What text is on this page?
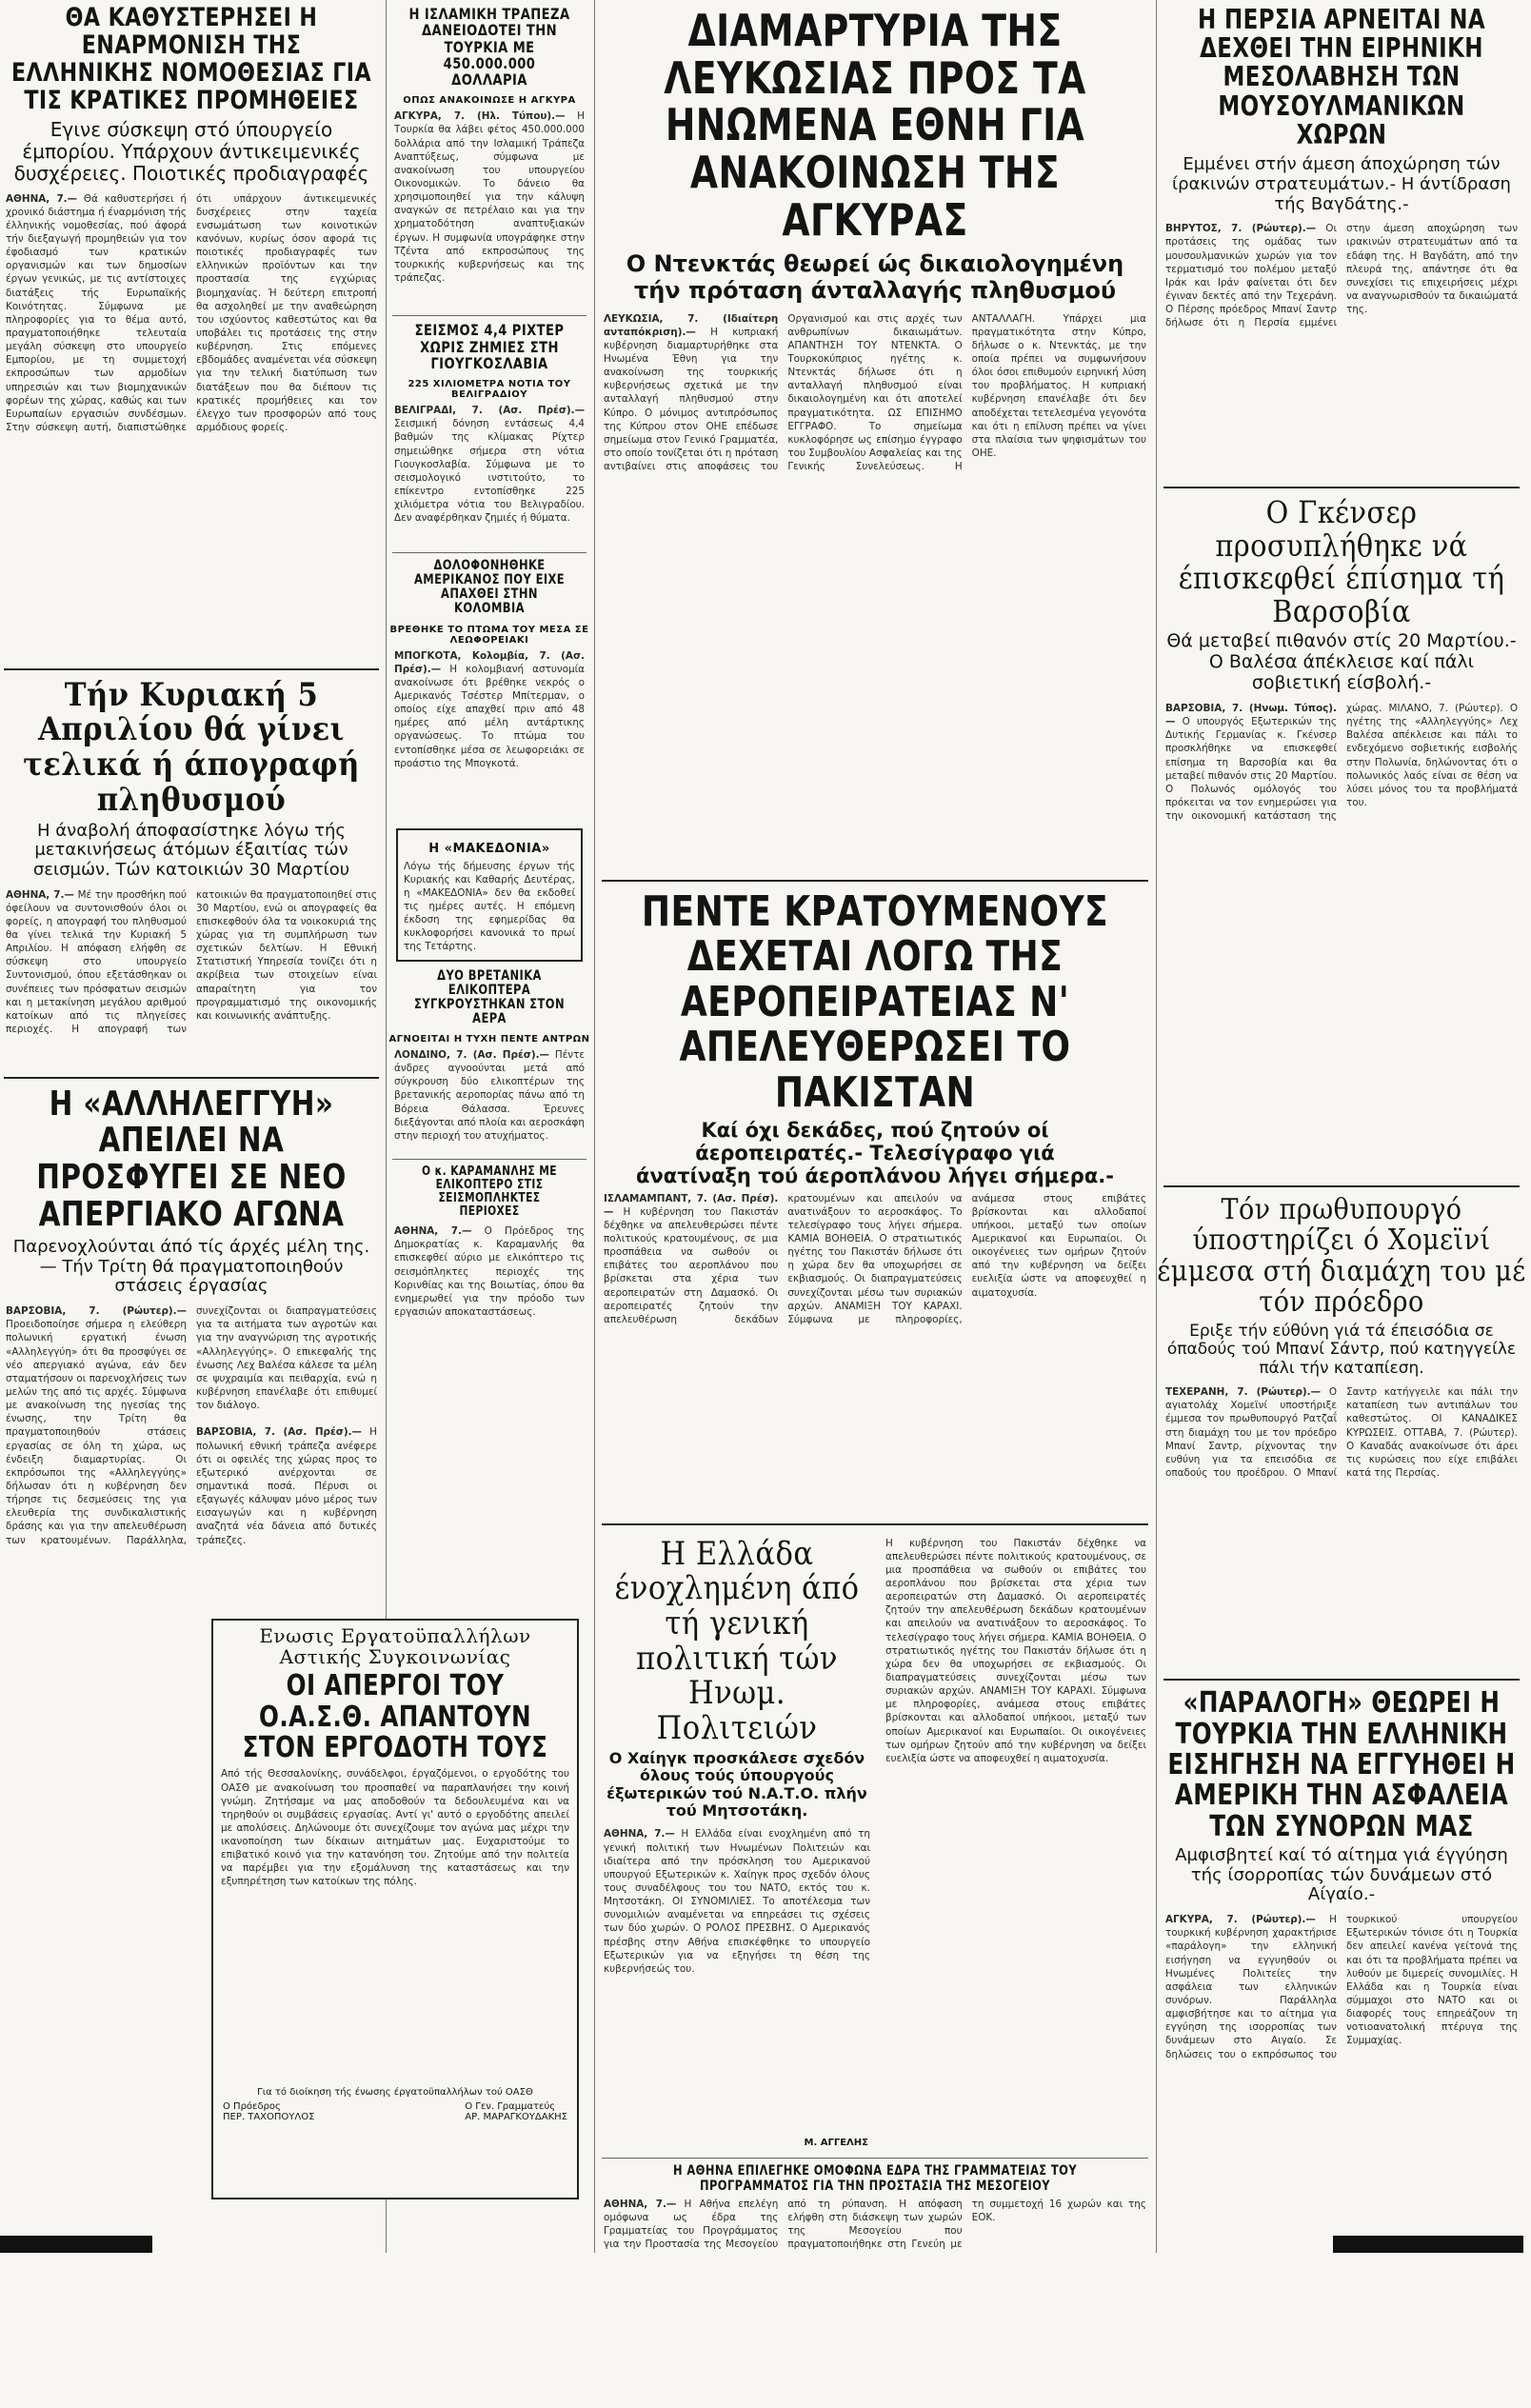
ΘΑ ΚΑΘΥΣΤΕΡΗΣΕΙ Η ΕΝΑΡΜΟΝΙΣΗ ΤΗΣ ΕΛΛΗΝΙΚΗΣ ΝΟΜΟΘΕΣΙΑΣ ΓΙΑ ΤΙΣ ΚΡΑΤΙΚΕΣ ΠΡΟΜΗΘΕΙΕΣ
Εγινε σύσκεψη στό ύπουργείο έμπορίου. Υπάρχουν άντικειμενικές δυσχέρειες. Ποιοτικές προδιαγραφές
ΑΘΗΝΑ, 7.— Θά καθυστερήσει ή χρονικό διάστημα ή έναρμόνιση τής έλληνικής νομοθεσίας, πού άφορά τήν διεξαγωγή προμηθειών για τον έφοδιασμό των κρατικών οργανισμών και των δημοσίων έργων γενικώς, με τις αντίστοιχες διατάξεις τής Ευρωπαϊκής Κοινότητας. Σύμφωνα με πληροφορίες για το θέμα αυτό, πραγματοποιήθηκε τελευταία μεγάλη σύσκεψη στο υπουργείο Εμπορίου, με τη συμμετοχή εκπροσώπων των αρμοδίων υπηρεσιών και των βιομηχανικών φορέων της χώρας, καθώς και των Ευρωπαίων εργασιών συνδέσμων. Στην σύσκεψη αυτή, διαπιστώθηκε ότι υπάρχουν άντικειμενικές δυσχέρειες στην ταχεία ενσωμάτωση των κοινοτικών κανόνων, κυρίως όσον αφορά τις ποιοτικές προδιαγραφές των ελληνικών προϊόντων και την προστασία της εγχώριας βιομηχανίας. Ή δεύτερη επιτροπή θα ασχοληθεί με την αναθεώρηση του ισχύοντος καθεστώτος και θα υποβάλει τις προτάσεις της στην κυβέρνηση. Στις επόμενες εβδομάδες αναμένεται νέα σύσκεψη για την τελική διατύπωση των διατάξεων που θα διέπουν τις κρατικές προμήθειες και τον έλεγχο των προσφορών από τους αρμόδιους φορείς.
Τήν Κυριακή 5 Απριλίου θά γίνει τελικά ή άπογραφή πληθυσμού
Η άναβολή άποφασίστηκε λόγω τής μετακινήσεως άτόμων έξαιτίας τών σεισμών. Τών κατοικιών 30 Μαρτίου
ΑΘΗΝΑ, 7.— Μέ την προσθήκη πού όφείλουν να συντονισθούν όλοι οι φορείς, η απογραφή του πληθυσμού θα γίνει τελικά την Κυριακή 5 Απριλίου. Η απόφαση ελήφθη σε σύσκεψη στο υπουργείο Συντονισμού, όπου εξετάσθηκαν οι συνέπειες των πρόσφατων σεισμών και η μετακίνηση μεγάλου αριθμού κατοίκων από τις πληγείσες περιοχές. Η απογραφή των κατοικιών θα πραγματοποιηθεί στις 30 Μαρτίου, ενώ οι απογραφείς θα επισκεφθούν όλα τα νοικοκυριά της χώρας για τη συμπλήρωση των σχετικών δελτίων. Η Εθνική Στατιστική Υπηρεσία τονίζει ότι η ακρίβεια των στοιχείων είναι απαραίτητη για τον προγραμματισμό της οικονομικής και κοινωνικής ανάπτυξης.
Η «ΑΛΛΗΛΕΓΓΥΗ» ΑΠΕΙΛΕΙ ΝΑ ΠΡΟΣΦΥΓΕΙ ΣΕ ΝΕΟ ΑΠΕΡΓΙΑΚΟ ΑΓΩΝΑ
Παρενοχλούνται άπό τίς άρχές μέλη της.— Τήν Τρίτη θά πραγματοποιηθούν στάσεις έργασίας
ΒΑΡΣΟΒΙΑ, 7. (Ρώυτερ).— Προειδοποίησε σήμερα η ελεύθερη πολωνική εργατική ένωση «Αλληλεγγύη» ότι θα προσφύγει σε νέο απεργιακό αγώνα, εάν δεν σταματήσουν οι παρενοχλήσεις των μελών της από τις αρχές. Σύμφωνα με ανακοίνωση της ηγεσίας της ένωσης, την Τρίτη θα πραγματοποιηθούν στάσεις εργασίας σε όλη τη χώρα, ως ένδειξη διαμαρτυρίας. Οι εκπρόσωποι της «Αλληλεγγύης» δήλωσαν ότι η κυβέρνηση δεν τήρησε τις δεσμεύσεις της για ελευθερία της συνδικαλιστικής δράσης και για την απελευθέρωση των κρατουμένων. Παράλληλα, συνεχίζονται οι διαπραγματεύσεις για τα αιτήματα των αγροτών και για την αναγνώριση της αγροτικής «Αλληλεγγύης». Ο επικεφαλής της ένωσης Λεχ Βαλέσα κάλεσε τα μέλη σε ψυχραιμία και πειθαρχία, ενώ η κυβέρνηση επανέλαβε ότι επιθυμεί τον διάλογο.

ΒΑΡΣΟΒΙΑ, 7. (Ασ. Πρέσ).— Η πολωνική εθνική τράπεζα ανέφερε ότι οι οφειλές της χώρας προς το εξωτερικό ανέρχονται σε σημαντικά ποσά. Πέρυσι οι εξαγωγές κάλυψαν μόνο μέρος των εισαγωγών και η κυβέρνηση αναζητά νέα δάνεια από δυτικές τράπεζες.
Η ΙΣΛΑΜΙΚΗ ΤΡΑΠΕΖΑ ΔΑΝΕΙΟΔΟΤΕΙ ΤΗΝ ΤΟΥΡΚΙΑ ΜΕ 450.000.000 ΔΟΛΛΑΡΙΑ
ΟΠΩΣ ΑΝΑΚΟΙΝΩΣΕ Η ΑΓΚΥΡΑ
ΑΓΚΥΡΑ, 7. (Ηλ. Τύπου).— Η Τουρκία θα λάβει φέτος 450.000.000 δολλάρια από την Ισλαμική Τράπεζα Αναπτύξεως, σύμφωνα με ανακοίνωση του υπουργείου Οικονομικών. Το δάνειο θα χρησιμοποιηθεί για την κάλυψη αναγκών σε πετρέλαιο και για την χρηματοδότηση αναπτυξιακών έργων. Η συμφωνία υπογράφηκε στην Τζέντα από εκπροσώπους της τουρκικής κυβερνήσεως και της τράπεζας.
ΣΕΙΣΜΟΣ 4,4 ΡΙΧΤΕΡ ΧΩΡΙΣ ΖΗΜΙΕΣ ΣΤΗ ΓΙΟΥΓΚΟΣΛΑΒΙΑ
225 ΧΙΛΙΟΜΕΤΡΑ ΝΟΤΙΑ ΤΟΥ ΒΕΛΙΓΡΑΔΙΟΥ
ΒΕΛΙΓΡΑΔΙ, 7. (Ασ. Πρέσ).— Σεισμική δόνηση εντάσεως 4,4 βαθμών της κλίμακας Ρίχτερ σημειώθηκε σήμερα στη νότια Γιουγκοσλαβία. Σύμφωνα με το σεισμολογικό ινστιτούτο, το επίκεντρο εντοπίσθηκε 225 χιλιόμετρα νότια του Βελιγραδίου. Δεν αναφέρθηκαν ζημιές ή θύματα.
ΔΟΛΟΦΟΝΗΘΗΚΕ ΑΜΕΡΙΚΑΝΟΣ ΠΟΥ ΕΙΧΕ ΑΠΑΧΘΕΙ ΣΤΗΝ ΚΟΛΟΜΒΙΑ
ΒΡΕΘΗΚΕ ΤΟ ΠΤΩΜΑ ΤΟΥ ΜΕΣΑ ΣΕ ΛΕΩΦΟΡΕΙΑΚΙ
ΜΠΟΓΚΟΤΑ, Κολομβία, 7. (Ασ. Πρέσ).— Η κολομβιανή αστυνομία ανακοίνωσε ότι βρέθηκε νεκρός ο Αμερικανός Τσέστερ Μπίτερμαν, ο οποίος είχε απαχθεί πριν από 48 ημέρες από μέλη αντάρτικης οργανώσεως. Το πτώμα του εντοπίσθηκε μέσα σε λεωφορειάκι σε προάστιο της Μπογκοτά.
Η «ΜΑΚΕΔΟΝΙΑ»
Λόγω τής δήμευσης έργων τής Κυριακής και Καθαρής Δευτέρας, η «ΜΑΚΕΔΟΝΙΑ» δεν θα εκδοθεί τις ημέρες αυτές. Η επόμενη έκδοση της εφημερίδας θα κυκλοφορήσει κανονικά το πρωί της Τετάρτης.
ΔΥΟ ΒΡΕΤΑΝΙΚΑ ΕΛΙΚΟΠΤΕΡΑ ΣΥΓΚΡΟΥΣΤΗΚΑΝ ΣΤΟΝ ΑΕΡΑ
ΑΓΝΟΕΙΤΑΙ Η ΤΥΧΗ ΠΕΝΤΕ ΑΝΤΡΩΝ
ΛΟΝΔΙΝΟ, 7. (Ασ. Πρέσ).— Πέντε άνδρες αγνοούνται μετά από σύγκρουση δύο ελικοπτέρων της βρετανικής αεροπορίας πάνω από τη Βόρεια Θάλασσα. Έρευνες διεξάγονται από πλοία και αεροσκάφη στην περιοχή του ατυχήματος.
Ο κ. ΚΑΡΑΜΑΝΛΗΣ ΜΕ ΕΛΙΚΟΠΤΕΡΟ ΣΤΙΣ ΣΕΙΣΜΟΠΛΗΚΤΕΣ ΠΕΡΙΟΧΕΣ
ΑΘΗΝΑ, 7.— Ο Πρόεδρος της Δημοκρατίας κ. Καραμανλής θα επισκεφθεί αύριο με ελικόπτερο τις σεισμόπληκτες περιοχές της Κορινθίας και της Βοιωτίας, όπου θα ενημερωθεί για την πρόοδο των εργασιών αποκαταστάσεως.
Ενωσις Εργατοϋπαλλήλων Αστικής Συγκοινωνίας
ΟΙ ΑΠΕΡΓΟΙ ΤΟΥ Ο.Α.Σ.Θ. ΑΠΑΝΤΟΥΝ ΣΤΟΝ ΕΡΓΟΔΟΤΗ ΤΟΥΣ
Από τής Θεσσαλονίκης, συνάδελφοι, έργαζόμενοι, ο εργοδότης του ΟΑΣΘ με ανακοίνωση του προσπαθεί να παραπλανήσει την κοινή γνώμη. Ζητήσαμε να μας αποδοθούν τα δεδουλευμένα και να τηρηθούν οι συμβάσεις εργασίας. Αντί γι' αυτό ο εργοδότης απειλεί με απολύσεις. Δηλώνουμε ότι συνεχίζουμε τον αγώνα μας μέχρι την ικανοποίηση των δίκαιων αιτημάτων μας. Ευχαριστούμε το επιβατικό κοινό για την κατανόηση του. Ζητούμε από την πολιτεία να παρέμβει για την εξομάλυνση της καταστάσεως και την εξυπηρέτηση των κατοίκων της πόλης.
Για τό διοίκηση τής ένωσης έργατοϋπαλλήλων τού ΟΑΣΘ
Ο Πρόεδρος
ΠΕΡ. ΤΑΧΟΠΟΥΛΟΣ
Ο Γεν. Γραμματεύς
ΑΡ. ΜΑΡΑΓΚΟΥΔΑΚΗΣ
ΔΙΑΜΑΡΤΥΡΙΑ ΤΗΣ ΛΕΥΚΩΣΙΑΣ ΠΡΟΣ ΤΑ ΗΝΩΜΕΝΑ ΕΘΝΗ ΓΙΑ ΑΝΑΚΟΙΝΩΣΗ ΤΗΣ ΑΓΚΥΡΑΣ
Ο Ντενκτάς θεωρεί ώς δικαιολογημένη τήν πρόταση άνταλλαγής πληθυσμού
ΛΕΥΚΩΣΙΑ, 7. (Ιδιαίτερη ανταπόκριση).— Η κυπριακή κυβέρνηση διαμαρτυρήθηκε στα Ηνωμένα Έθνη για την ανακοίνωση της τουρκικής κυβερνήσεως σχετικά με την ανταλλαγή πληθυσμού στην Κύπρο. Ο μόνιμος αντιπρόσωπος της Κύπρου στον ΟΗΕ επέδωσε σημείωμα στον Γενικό Γραμματέα, στο οποίο τονίζεται ότι η πρόταση αντιβαίνει στις αποφάσεις του Οργανισμού και στις αρχές των ανθρωπίνων δικαιωμάτων. ΑΠΑΝΤΗΣΗ ΤΟΥ ΝΤΕΝΚΤΑ. Ο Τουρκοκύπριος ηγέτης κ. Ντενκτάς δήλωσε ότι η ανταλλαγή πληθυσμού είναι δικαιολογημένη και ότι αποτελεί πραγματικότητα. ΩΣ ΕΠΙΣΗΜΟ ΕΓΓΡΑΦΟ. Το σημείωμα κυκλοφόρησε ως επίσημο έγγραφο του Συμβουλίου Ασφαλείας και της Γενικής Συνελεύσεως. Η ΑΝΤΑΛΛΑΓΗ. Υπάρχει μια πραγματικότητα στην Κύπρο, δήλωσε ο κ. Ντενκτάς, με την οποία πρέπει να συμφωνήσουν όλοι όσοι επιθυμούν ειρηνική λύση του προβλήματος. Η κυπριακή κυβέρνηση επανέλαβε ότι δεν αποδέχεται τετελεσμένα γεγονότα και ότι η επίλυση πρέπει να γίνει στα πλαίσια των ψηφισμάτων του ΟΗΕ.
ΠΕΝΤΕ ΚΡΑΤΟΥΜΕΝΟΥΣ ΔΕΧΕΤΑΙ ΛΟΓΩ ΤΗΣ ΑΕΡΟΠΕΙΡΑΤΕΙΑΣ Ν' ΑΠΕΛΕΥΘΕΡΩΣΕΙ ΤΟ ΠΑΚΙΣΤΑΝ
Καί όχι δεκάδες, πού ζητούν οί άεροπειρατές.- Τελεσίγραφο γιά άνατίναξη τού άεροπλάνου λήγει σήμερα.-
ΙΣΛΑΜΑΜΠΑΝΤ, 7. (Ασ. Πρέσ).— Η κυβέρνηση του Πακιστάν δέχθηκε να απελευθερώσει πέντε πολιτικούς κρατουμένους, σε μια προσπάθεια να σωθούν οι επιβάτες του αεροπλάνου που βρίσκεται στα χέρια των αεροπειρατών στη Δαμασκό. Οι αεροπειρατές ζητούν την απελευθέρωση δεκάδων κρατουμένων και απειλούν να ανατινάξουν το αεροσκάφος. Το τελεσίγραφο τους λήγει σήμερα. ΚΑΜΙΑ ΒΟΗΘΕΙΑ. Ο στρατιωτικός ηγέτης του Πακιστάν δήλωσε ότι η χώρα δεν θα υποχωρήσει σε εκβιασμούς. Οι διαπραγματεύσεις συνεχίζονται μέσω των συριακών αρχών. ΑΝΑΜΙΞΗ ΤΟΥ ΚΑΡΑΧΙ. Σύμφωνα με πληροφορίες, ανάμεσα στους επιβάτες βρίσκονται και αλλοδαποί υπήκοοι, μεταξύ των οποίων Αμερικανοί και Ευρωπαίοι. Οι οικογένειες των ομήρων ζητούν από την κυβέρνηση να δείξει ευελιξία ώστε να αποφευχθεί η αιματοχυσία.
Η Ελλάδα ένοχλημένη άπό τή γενική πολιτική τών Ηνωμ. Πολιτειών
Ο Χαίηγκ προσκάλεσε σχεδόν όλους τούς ύπουργούς έξωτερικών τού Ν.Α.Τ.Ο. πλήν τού Μητσοτάκη.
ΑΘΗΝΑ, 7.— Η Ελλάδα είναι ενοχλημένη από τη γενική πολιτική των Ηνωμένων Πολιτειών και ιδιαίτερα από την πρόσκληση του Αμερικανού υπουργού Εξωτερικών κ. Χαίηγκ προς σχεδόν όλους τους συναδέλφους του του ΝΑΤΟ, εκτός του κ. Μητσοτάκη. ΟΙ ΣΥΝΟΜΙΛΙΕΣ. Το αποτέλεσμα των συνομιλιών αναμένεται να επηρεάσει τις σχέσεις των δύο χωρών. Ο ΡΟΛΟΣ ΠΡΕΣΒΗΣ. Ο Αμερικανός πρέσβης στην Αθήνα επισκέφθηκε το υπουργείο Εξωτερικών για να εξηγήσει τη θέση της κυβερνήσεώς του.
Μ. ΑΓΓΕΛΗΣ
Η κυβέρνηση του Πακιστάν δέχθηκε να απελευθερώσει πέντε πολιτικούς κρατουμένους, σε μια προσπάθεια να σωθούν οι επιβάτες του αεροπλάνου που βρίσκεται στα χέρια των αεροπειρατών στη Δαμασκό. Οι αεροπειρατές ζητούν την απελευθέρωση δεκάδων κρατουμένων και απειλούν να ανατινάξουν το αεροσκάφος. Το τελεσίγραφο τους λήγει σήμερα. ΚΑΜΙΑ ΒΟΗΘΕΙΑ. Ο στρατιωτικός ηγέτης του Πακιστάν δήλωσε ότι η χώρα δεν θα υποχωρήσει σε εκβιασμούς. Οι διαπραγματεύσεις συνεχίζονται μέσω των συριακών αρχών. ΑΝΑΜΙΞΗ ΤΟΥ ΚΑΡΑΧΙ. Σύμφωνα με πληροφορίες, ανάμεσα στους επιβάτες βρίσκονται και αλλοδαποί υπήκοοι, μεταξύ των οποίων Αμερικανοί και Ευρωπαίοι. Οι οικογένειες των ομήρων ζητούν από την κυβέρνηση να δείξει ευελιξία ώστε να αποφευχθεί η αιματοχυσία.
Η ΑΘΗΝΑ ΕΠΙΛΕΓΗΚΕ ΟΜΟΦΩΝΑ ΕΔΡΑ ΤΗΣ ΓΡΑΜΜΑΤΕΙΑΣ ΤΟΥ ΠΡΟΓΡΑΜΜΑΤΟΣ ΓΙΑ ΤΗΝ ΠΡΟΣΤΑΣΙΑ ΤΗΣ ΜΕΣΟΓΕΙΟΥ
ΑΘΗΝΑ, 7.— Η Αθήνα επελέγη ομόφωνα ως έδρα της Γραμματείας του Προγράμματος για την Προστασία της Μεσογείου από τη ρύπανση. Η απόφαση ελήφθη στη διάσκεψη των χωρών της Μεσογείου που πραγματοποιήθηκε στη Γενεύη με τη συμμετοχή 16 χωρών και της ΕΟΚ.
Η ΠΕΡΣΙΑ ΑΡΝΕΙΤΑΙ ΝΑ ΔΕΧΘΕΙ ΤΗΝ ΕΙΡΗΝΙΚΗ ΜΕΣΟΛΑΒΗΣΗ ΤΩΝ ΜΟΥΣΟΥΛΜΑΝΙΚΩΝ ΧΩΡΩΝ
Εμμένει στήν άμεση άποχώρηση τών ίρακινών στρατευμάτων.- Η άντίδραση τής Βαγδάτης.-
ΒΗΡΥΤΟΣ, 7. (Ρώυτερ).— Οι προτάσεις της ομάδας των μουσουλμανικών χωρών για τον τερματισμό του πολέμου μεταξύ Ιράκ και Ιράν φαίνεται ότι δεν έγιναν δεκτές από την Τεχεράνη. Ο Πέρσης πρόεδρος Μπανί Σαντρ δήλωσε ότι η Περσία εμμένει στην άμεση αποχώρηση των ιρακινών στρατευμάτων από τα εδάφη της. Η Βαγδάτη, από την πλευρά της, απάντησε ότι θα συνεχίσει τις επιχειρήσεις μέχρι να αναγνωρισθούν τα δικαιώματά της.
Ο Γκένσερ προσυπλήθηκε νά έπισκεφθεί έπίσημα τή Βαρσοβία
Θά μεταβεί πιθανόν στίς 20 Μαρτίου.- Ο Βαλέσα άπέκλεισε καί πάλι σοβιετική είσβολή.-
ΒΑΡΣΟΒΙΑ, 7. (Ηνωμ. Τύπος).— Ο υπουργός Εξωτερικών της Δυτικής Γερμανίας κ. Γκένσερ προσκλήθηκε να επισκεφθεί επίσημα τη Βαρσοβία και θα μεταβεί πιθανόν στις 20 Μαρτίου. Ο Πολωνός ομόλογός του πρόκειται να τον ενημερώσει για την οικονομική κατάσταση της χώρας. ΜΙΛΑΝΟ, 7. (Ρώυτερ). Ο ηγέτης της «Αλληλεγγύης» Λεχ Βαλέσα απέκλεισε και πάλι το ενδεχόμενο σοβιετικής εισβολής στην Πολωνία, δηλώνοντας ότι ο πολωνικός λαός είναι σε θέση να λύσει μόνος του τα προβλήματά του.
Τόν πρωθυπουργό ύποστηρίζει ό Χομεϊνί έμμεσα στή διαμάχη του μέ τόν πρόεδρο
Εριξε τήν εύθύνη γιά τά έπεισόδια σε όπαδούς τού Μπανί Σάντρ, πού κατηγγείλε πάλι τήν καταπίεση.
ΤΕΧΕΡΑΝΗ, 7. (Ρώυτερ).— Ο αγιατολάχ Χομεϊνί υποστήριξε έμμεσα τον πρωθυπουργό Ρατζαΐ στη διαμάχη του με τον πρόεδρο Μπανί Σαντρ, ρίχνοντας την ευθύνη για τα επεισόδια σε οπαδούς του προέδρου. Ο Μπανί Σαντρ κατήγγειλε και πάλι την καταπίεση των αντιπάλων του καθεστώτος. ΟΙ ΚΑΝΑΔΙΚΕΣ ΚΥΡΩΣΕΙΣ. ΟΤΤΑΒΑ, 7. (Ρώυτερ). Ο Καναδάς ανακοίνωσε ότι άρει τις κυρώσεις που είχε επιβάλει κατά της Περσίας.
«ΠΑΡΑΛΟΓΗ» ΘΕΩΡΕΙ Η ΤΟΥΡΚΙΑ ΤΗΝ ΕΛΛΗΝΙΚΗ ΕΙΣΗΓΗΣΗ ΝΑ ΕΓΓΥΗΘΕΙ Η ΑΜΕΡΙΚΗ ΤΗΝ ΑΣΦΑΛΕΙΑ ΤΩΝ ΣΥΝΟΡΩΝ ΜΑΣ
Αμφισβητεί καί τό αίτημα γιά έγγύηση τής ίσορροπίας τών δυνάμεων στό Αίγαίο.-
ΑΓΚΥΡΑ, 7. (Ρώυτερ).— Η τουρκική κυβέρνηση χαρακτήρισε «παράλογη» την ελληνική εισήγηση να εγγυηθούν οι Ηνωμένες Πολιτείες την ασφάλεια των ελληνικών συνόρων. Παράλληλα αμφισβήτησε και το αίτημα για εγγύηση της ισορροπίας των δυνάμεων στο Αιγαίο. Σε δηλώσεις του ο εκπρόσωπος του τουρκικού υπουργείου Εξωτερικών τόνισε ότι η Τουρκία δεν απειλεί κανένα γείτονά της και ότι τα προβλήματα πρέπει να λυθούν με διμερείς συνομιλίες. Η Ελλάδα και η Τουρκία είναι σύμμαχοι στο ΝΑΤΟ και οι διαφορές τους επηρεάζουν τη νοτιοανατολική πτέρυγα της Συμμαχίας.
